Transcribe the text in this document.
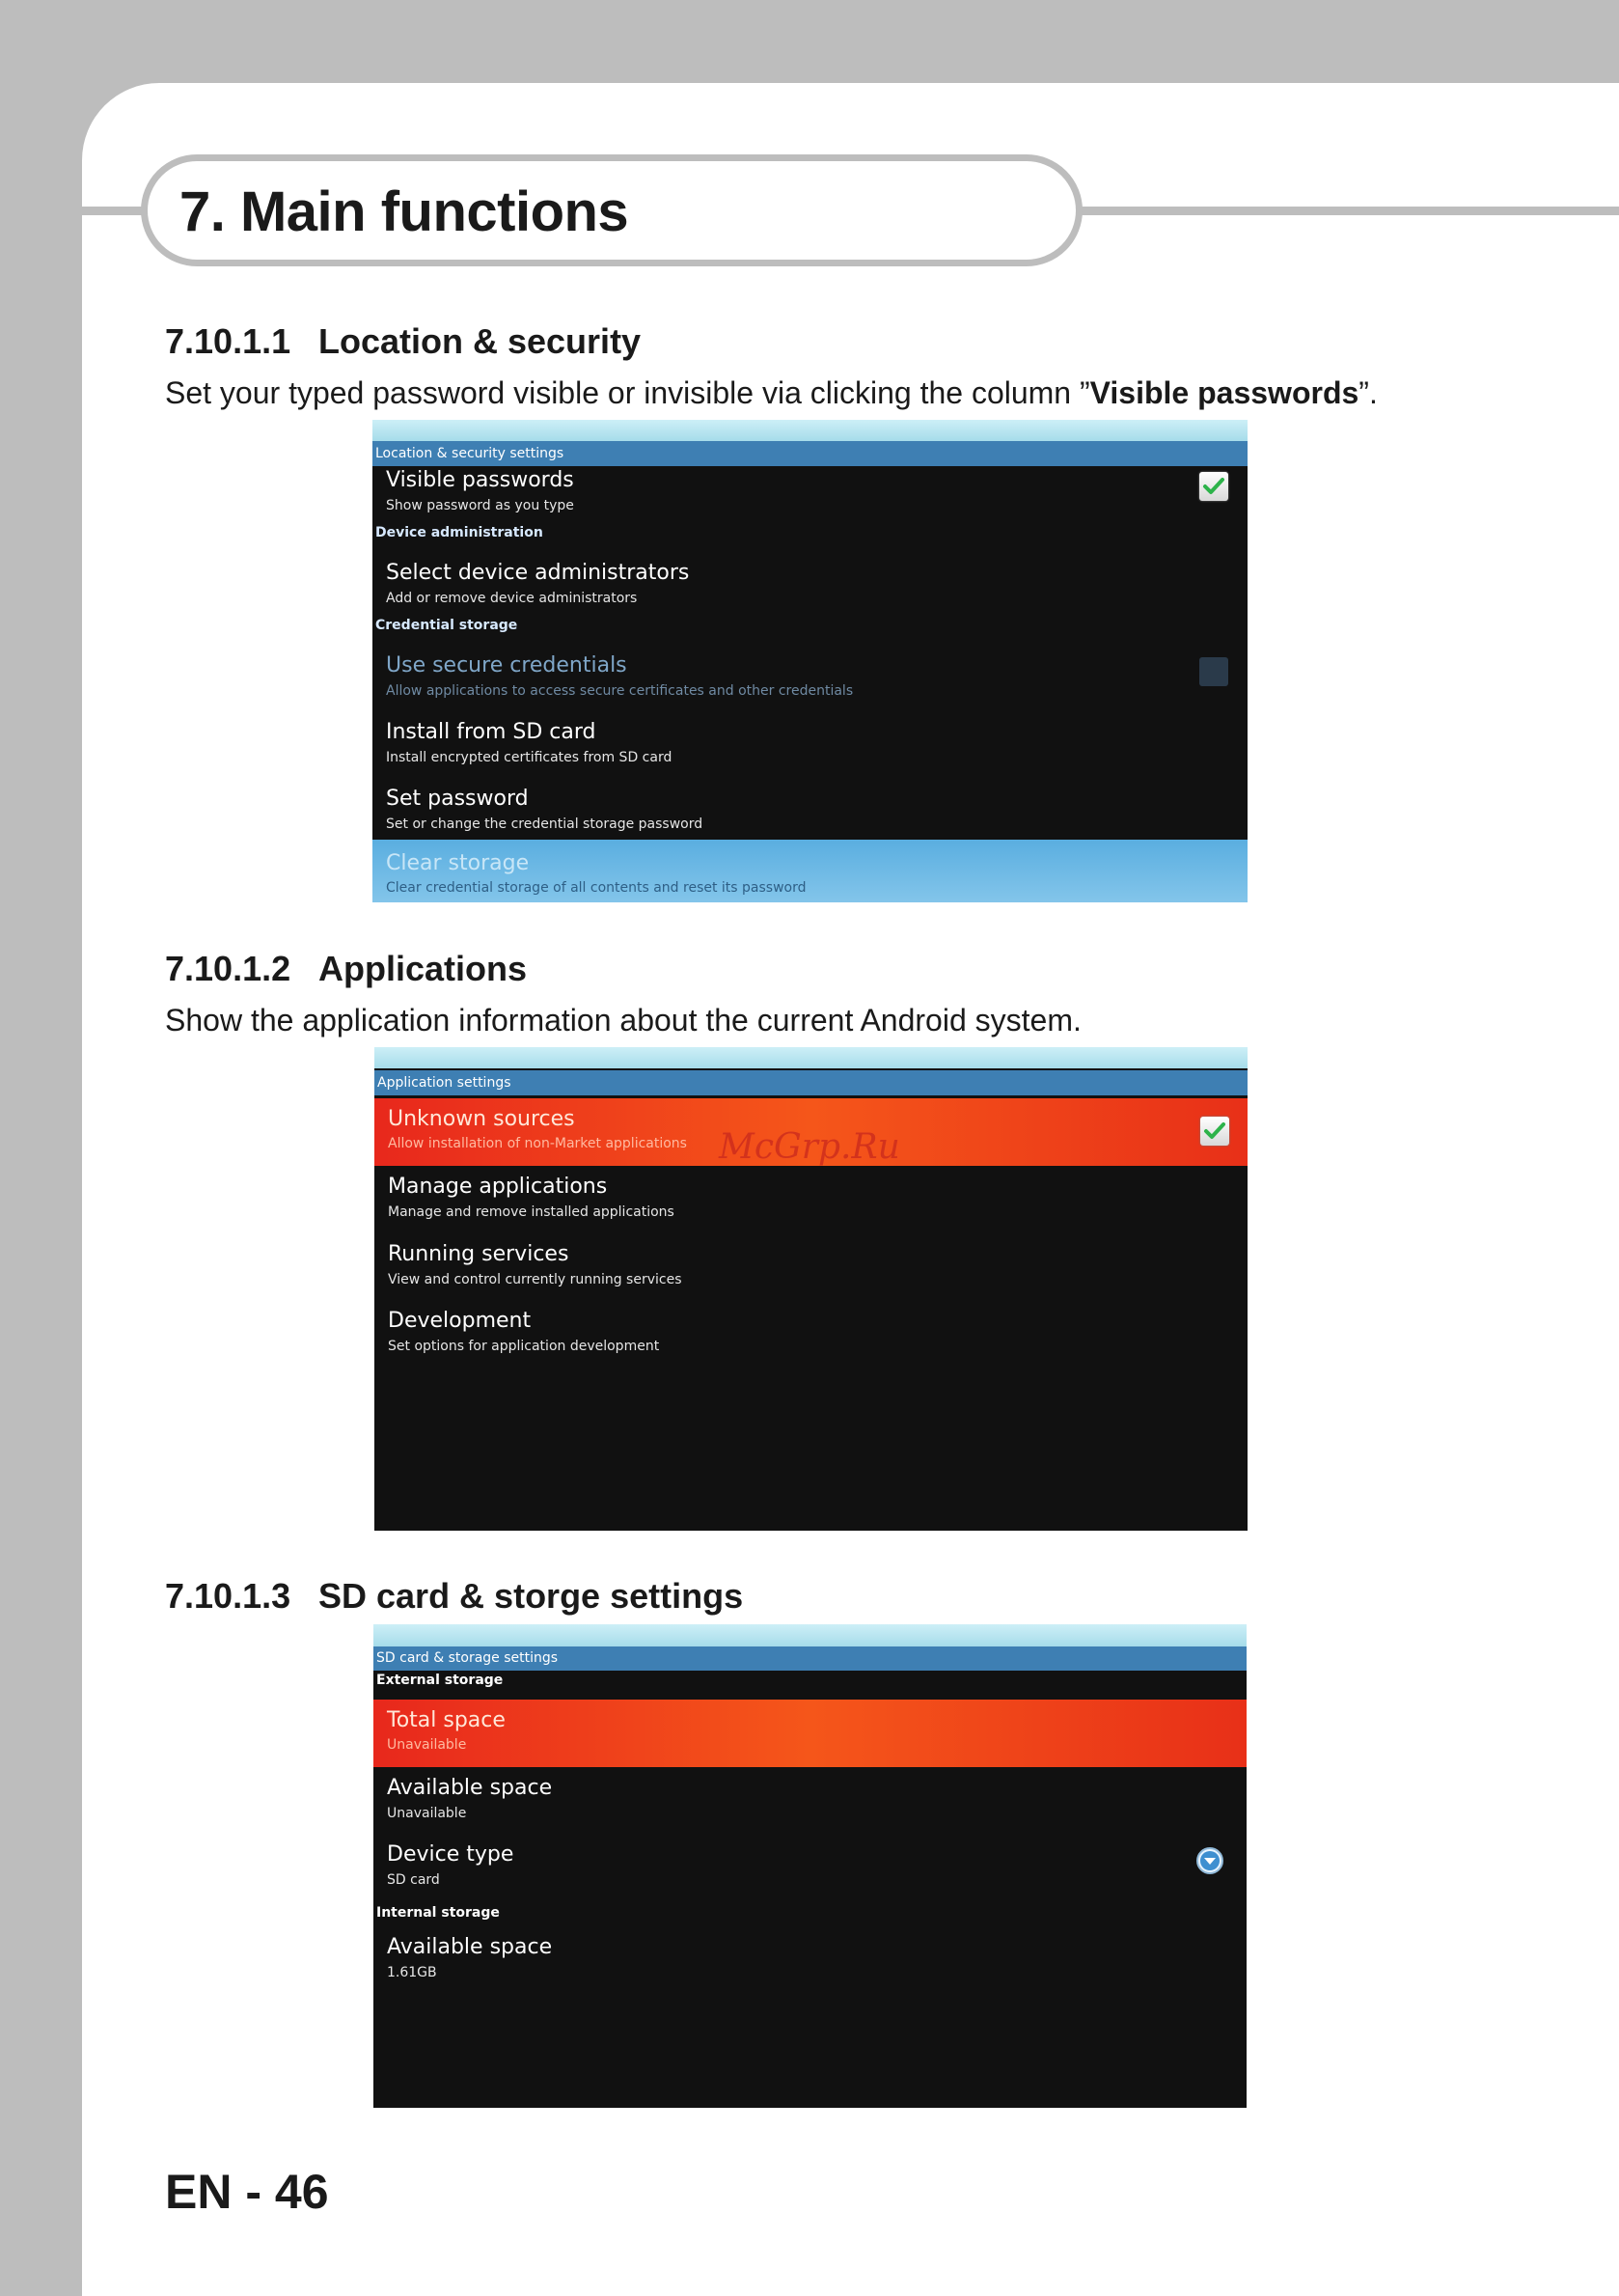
7. Main functions
7.10.1.1 Location & security
Set your typed password visible or invisible via clicking the column ”Visible passwords”.
Location & security settings
Visible passwords
Show password as you type
Device administration
Select device administrators
Add or remove device administrators
Credential storage
Use secure credentials
Allow applications to access secure certificates and other credentials
Install from SD card
Install encrypted certificates from SD card
Set password
Set or change the credential storage password
Clear storage
Clear credential storage of all contents and reset its password
7.10.1.2 Applications
Show the application information about the current Android system.
Application settings
Unknown sources
Allow installation of non-Market applications McGrp.Ru
Manage applications
Manage and remove installed applications
Running services
View and control currently running services
Development
Set options for application development
7.10.1.3 SD card & storge settings
SD card & storage settings
External storage
Total space
Unavailable
Available space
Unavailable
Device type
SD card
Internal storage
Available space
1.61GB
EN - 46
